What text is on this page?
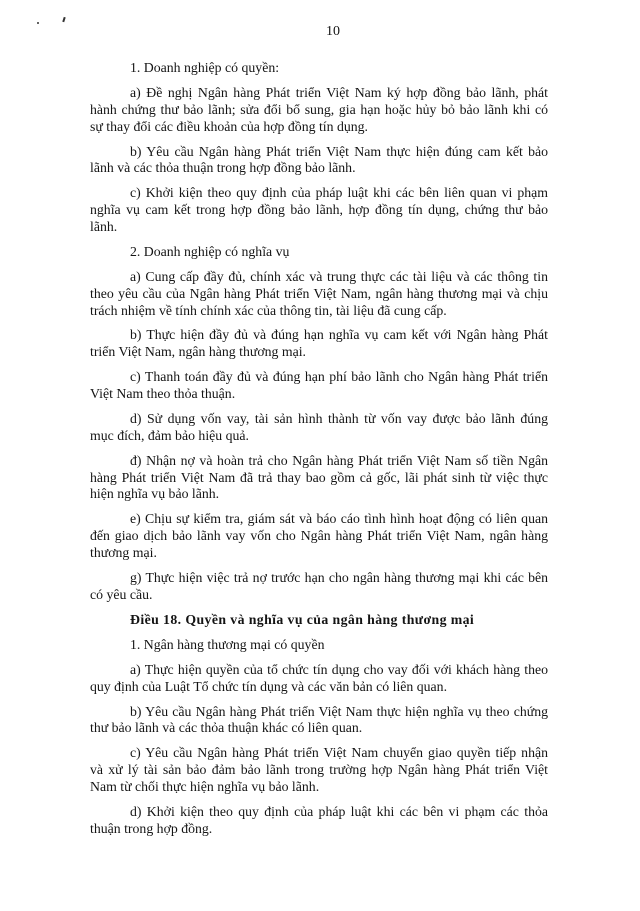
10

1. Doanh nghiệp có quyền:

a) Đề nghị Ngân hàng Phát triển Việt Nam ký hợp đồng bảo lãnh, phát
hành chứng thư bảo lãnh; sửa đổi bổ sung, gia hạn hoặc hủy bỏ bảo lãnh khi có
sự thay đổi các điều khoản của hợp đồng tín dụng.

b) Yêu cầu Ngân hàng Phát triển Việt Nam thực hiện đúng cam kết bảo
lãnh và các thỏa thuận trong hợp đồng bảo lãnh.

c) Khởi kiện theo quy định của pháp luật khi các bên liên quan vi phạm
nghĩa vụ cam kết trong hợp đồng bảo lãnh, hợp đồng tín dụng, chứng thư bảo
lãnh.

2. Doanh nghiệp có nghĩa vụ

a) Cung cấp đầy đủ, chính xác và trung thực các tài liệu và các thông tin
theo yêu cầu của Ngân hàng Phát triển Việt Nam, ngân hàng thương mại và chịu
trách nhiệm về tính chính xác của thông tin, tài liệu đã cung cấp.

b) Thực hiện đầy đủ và đúng hạn nghĩa vụ cam kết với Ngân hàng Phát
triển Việt Nam, ngân hàng thương mại.

c) Thanh toán đầy đủ và đúng hạn phí bảo lãnh cho Ngân hàng Phát triển
Việt Nam theo thỏa thuận.

d) Sử dụng vốn vay, tài sản hình thành từ vốn vay được bảo lãnh đúng
mục đích, đảm bảo hiệu quả.

đ) Nhận nợ và hoàn trả cho Ngân hàng Phát triển Việt Nam số tiền Ngân
hàng Phát triển Việt Nam đã trả thay bao gồm cả gốc, lãi phát sinh từ việc thực
hiện nghĩa vụ bảo lãnh.

e) Chịu sự kiểm tra, giám sát và báo cáo tình hình hoạt động có liên quan
đến giao dịch bảo lãnh vay vốn cho Ngân hàng Phát triển Việt Nam, ngân hàng
thương mại.

g) Thực hiện việc trả nợ trước hạn cho ngân hàng thương mại khi các bên
có yêu cầu.

Điều 18. Quyền và nghĩa vụ của ngân hàng thương mại

1. Ngân hàng thương mại có quyền

a) Thực hiện quyền của tổ chức tín dụng cho vay đối với khách hàng theo
quy định của Luật Tổ chức tín dụng và các văn bản có liên quan.

b) Yêu cầu Ngân hàng Phát triển Việt Nam thực hiện nghĩa vụ theo chứng
thư bảo lãnh và các thỏa thuận khác có liên quan.

c) Yêu cầu Ngân hàng Phát triển Việt Nam chuyển giao quyền tiếp nhận
và xử lý tài sản bảo đảm bảo lãnh trong trường hợp Ngân hàng Phát triển Việt
Nam từ chối thực hiện nghĩa vụ bảo lãnh.

d) Khởi kiện theo quy định của pháp luật khi các bên vi phạm các thỏa
thuận trong hợp đồng.
